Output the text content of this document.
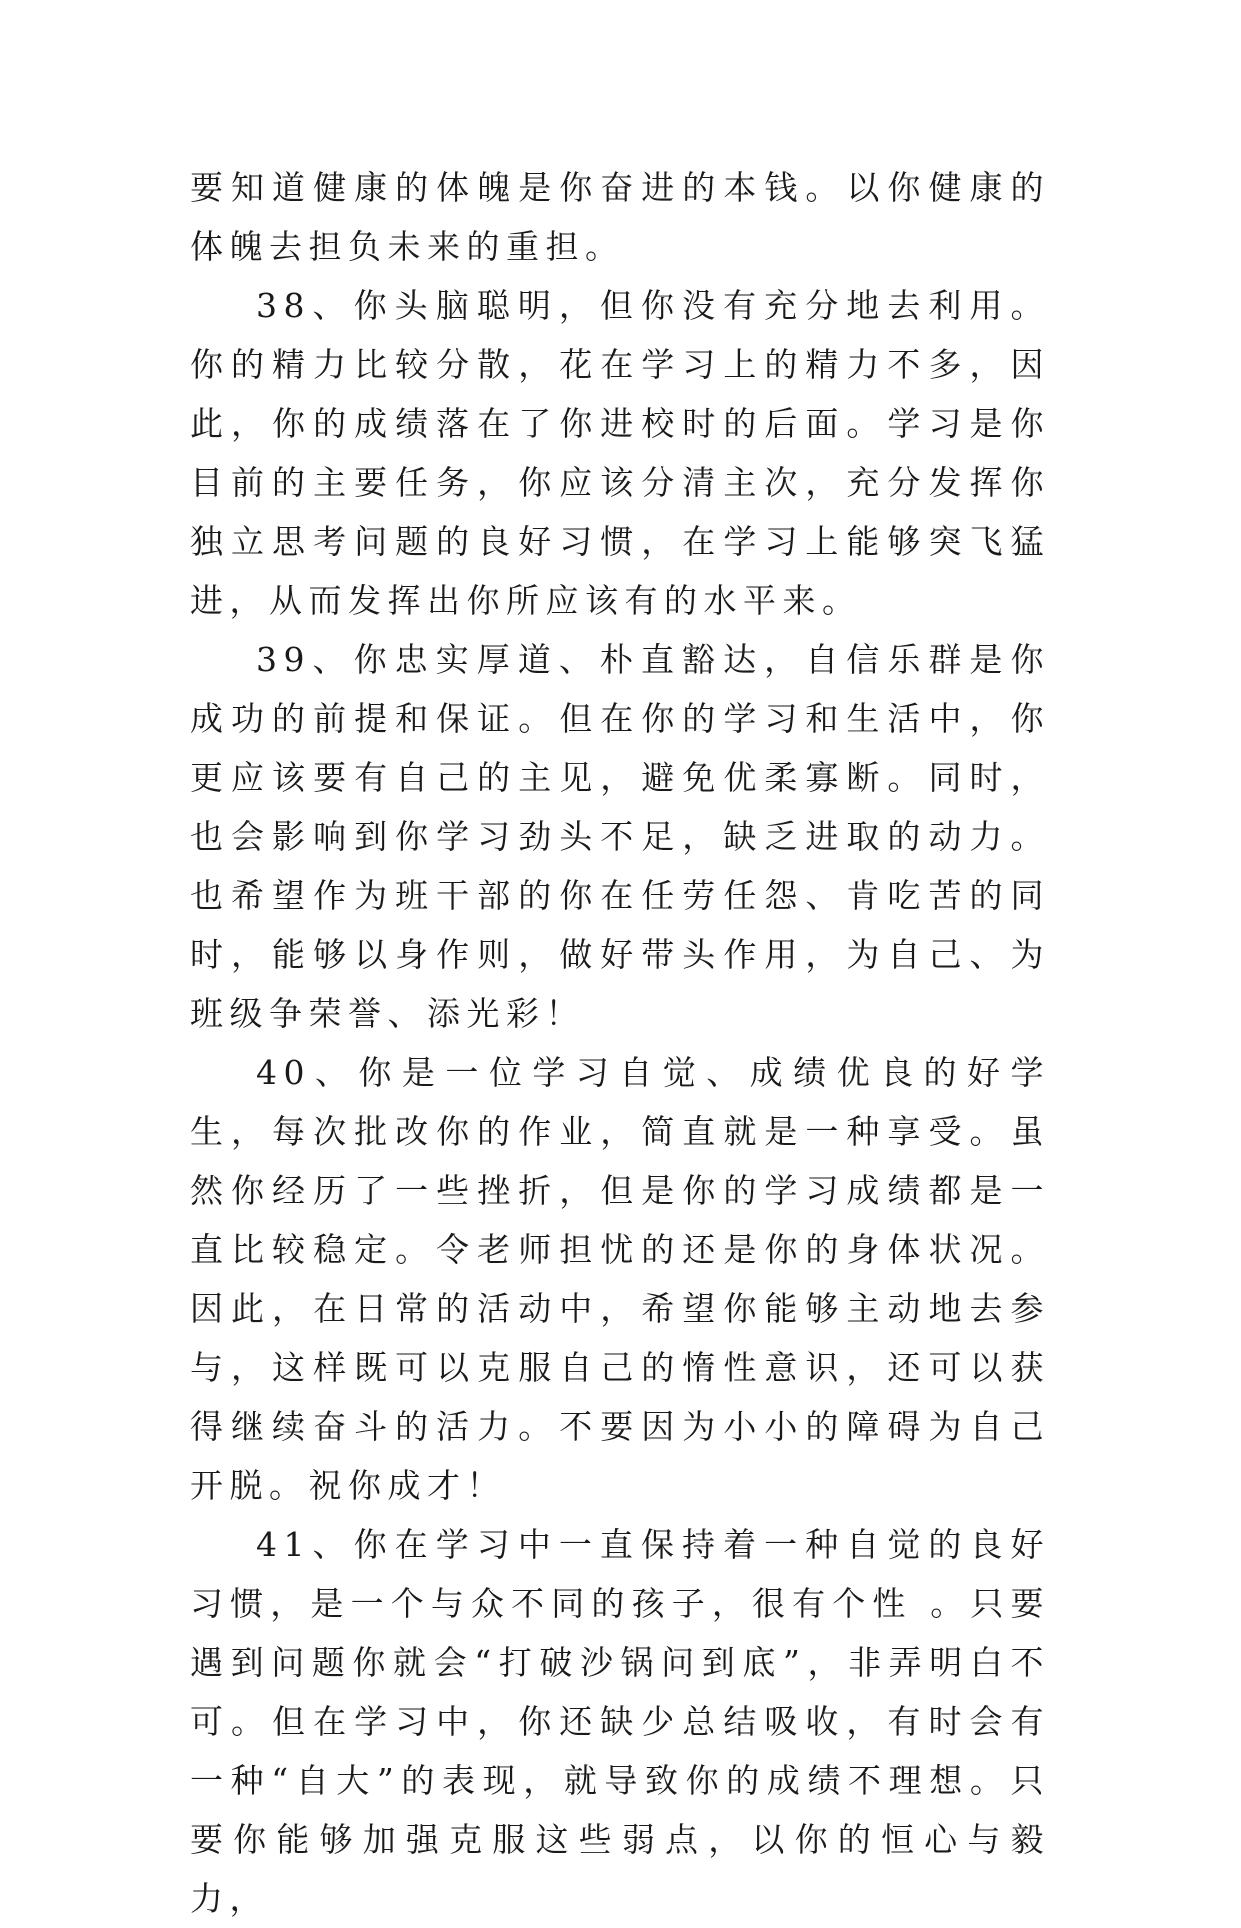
要知道健康的体魄是你奋进的本钱。以你健康的体魄去担负未来的重担。

38、你头脑聪明，但你没有充分地去利用。你的精力比较分散，花在学习上的精力不多，因此，你的成绩落在了你进校时的后面。学习是你目前的主要任务，你应该分清主次，充分发挥你独立思考问题的良好习惯，在学习上能够突飞猛进，从而发挥出你所应该有的水平来。

39、你忠实厚道、朴直豁达，自信乐群是你成功的前提和保证。但在你的学习和生活中，你更应该要有自己的主见，避免优柔寡断。同时，也会影响到你学习劲头不足，缺乏进取的动力。也希望作为班干部的你在任劳任怨、肯吃苦的同时，能够以身作则，做好带头作用，为自己、为班级争荣誉、添光彩！

40、你是一位学习自觉、成绩优良的好学生，每次批改你的作业，简直就是一种享受。虽然你经历了一些挫折，但是你的学习成绩都是一直比较稳定。令老师担忧的还是你的身体状况。因此，在日常的活动中，希望你能够主动地去参与，这样既可以克服自己的惰性意识，还可以获得继续奋斗的活力。不要因为小小的障碍为自己开脱。祝你成才！

41、你在学习中一直保持着一种自觉的良好习惯，是一个与众不同的孩子，很有个性 。只要遇到问题你就会“打破沙锅问到底”，非弄明白不可。但在学习中，你还缺少总结吸收，有时会有一种“自大”的表现，就导致你的成绩不理想。只要你能够加强克服这些弱点，以你的恒心与毅力，
